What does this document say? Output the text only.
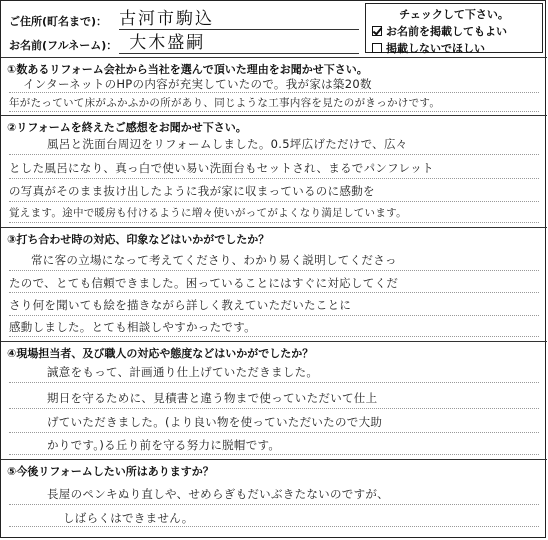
ご住所(町名まで)： 古河市駒込
お名前(フルネーム)： 大木盛嗣
チェックして下さい。
お名前を掲載してもよい
掲載しないでほしい
①数あるリフォーム会社から当社を選んで頂いた理由をお聞かせ下さい。
インターネットのHPの内容が充実していたので。我が家は築20数
年がたっていて床がふかふかの所があり、同じような工事内容を見たのがきっかけです。
②リフォームを終えたご感想をお聞かせ下さい。
風呂と洗面台周辺をリフォームしました。0.5坪広げただけで、広々
とした風呂になり、真っ白で使い易い洗面台もセットされ、まるでパンフレット
の写真がそのまま抜け出したように我が家に収まっているのに感動を
覚えます。途中で暖房も付けるように増々使いがってがよくなり満足しています。
③打ち合わせ時の対応、印象などはいかがでしたか？
常に客の立場になって考えてくださり、わかり易く説明してくださっ
たので、とても信頼できました。困っていることにはすぐに対応してくだ
さり何を聞いても絵を描きながら詳しく教えていただいたことに
感動しました。とても相談しやすかったです。
④現場担当者、及び職人の対応や態度などはいかがでしたか？
誠意をもって、計画通り仕上げていただきました。
期日を守るために、見積書と違う物まで使っていただいて仕上
げていただきました。(より良い物を使っていただいたので大助
かりです。)る丘り前を守る努力に脱帽です。
⑤今後リフォームしたい所はありますか？
長屋のペンキぬり直しや、せめらぎもだいぶきたないのですが、
しばらくはできません。
